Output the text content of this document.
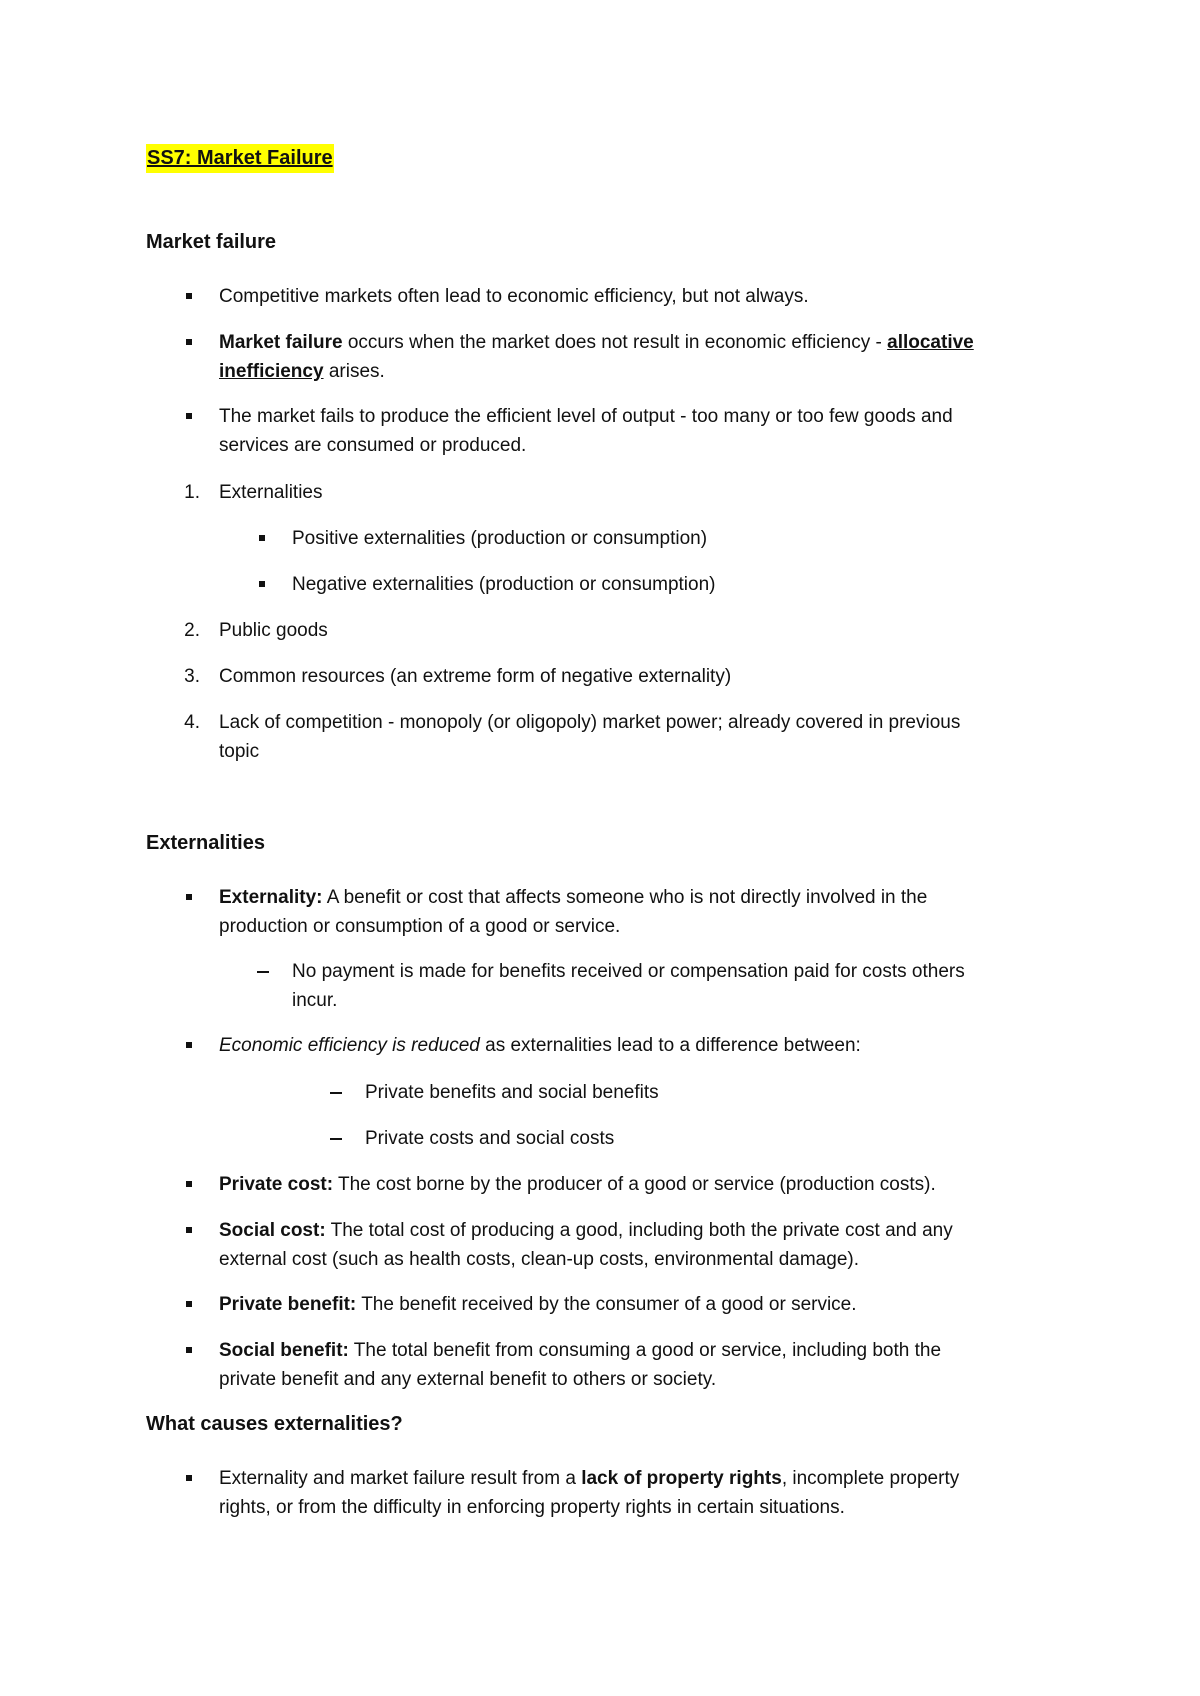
SS7: Market Failure
Market failure
Competitive markets often lead to economic efficiency, but not always.
Market failure occurs when the market does not result in economic efficiency - allocative
inefficiency arises.
The market fails to produce the efficient level of output - too many or too few goods and
services are consumed or produced.
1. Externalities
Positive externalities (production or consumption)
Negative externalities (production or consumption)
2. Public goods
3. Common resources (an extreme form of negative externality)
4. Lack of competition - monopoly (or oligopoly) market power; already covered in previous
topic
Externalities
Externality: A benefit or cost that affects someone who is not directly involved in the
production or consumption of a good or service.
No payment is made for benefits received or compensation paid for costs others
incur.
Economic efficiency is reduced as externalities lead to a difference between:
Private benefits and social benefits
Private costs and social costs
Private cost: The cost borne by the producer of a good or service (production costs).
Social cost: The total cost of producing a good, including both the private cost and any
external cost (such as health costs, clean-up costs, environmental damage).
Private benefit: The benefit received by the consumer of a good or service.
Social benefit: The total benefit from consuming a good or service, including both the
private benefit and any external benefit to others or society.
What causes externalities?
Externality and market failure result from a lack of property rights, incomplete property
rights, or from the difficulty in enforcing property rights in certain situations.
